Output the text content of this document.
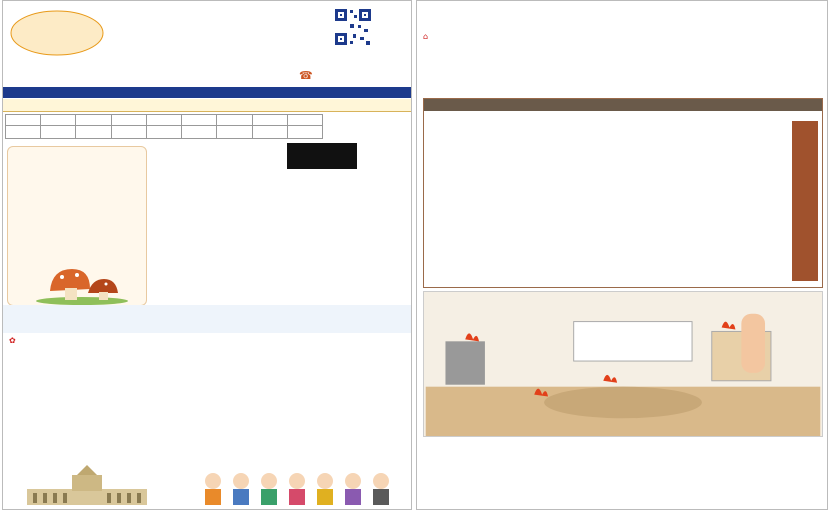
☎

✿

⌂
